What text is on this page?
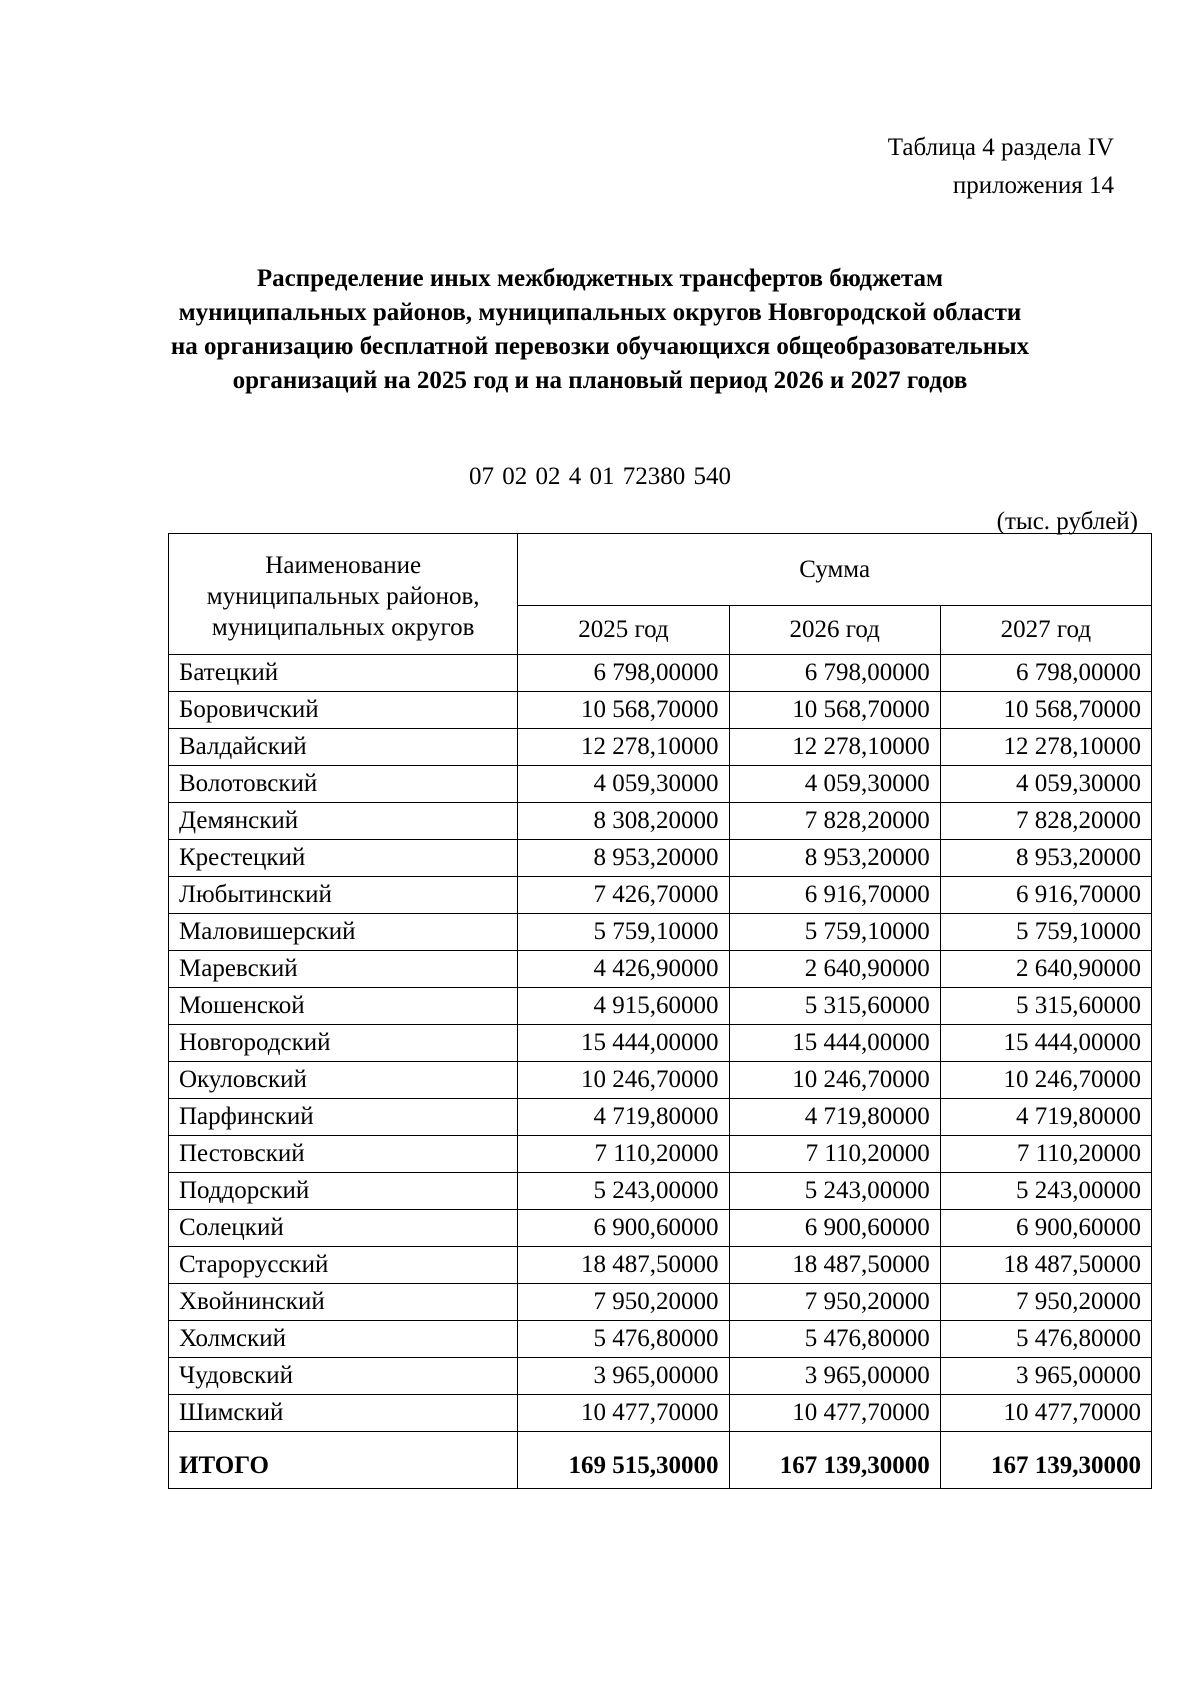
Таблица 4 раздела IV
приложения 14
Распределение иных межбюджетных трансфертов бюджетам муниципальных районов, муниципальных округов Новгородской области на организацию бесплатной перевозки обучающихся общеобразовательных организаций на 2025 год и на плановый период 2026 и 2027 годов
07 02 02 4 01 72380 540
(тыс. рублей)
Наименование муниципальных районов, муниципальных округов	Сумма		
	2025 год	2026 год	2027 год
Батецкий	6 798,00000	6 798,00000	6 798,00000
Боровичский	10 568,70000	10 568,70000	10 568,70000
Валдайский	12 278,10000	12 278,10000	12 278,10000
Волотовский	4 059,30000	4 059,30000	4 059,30000
Демянский	8 308,20000	7 828,20000	7 828,20000
Крестецкий	8 953,20000	8 953,20000	8 953,20000
Любытинский	7 426,70000	6 916,70000	6 916,70000
Маловишерский	5 759,10000	5 759,10000	5 759,10000
Маревский	4 426,90000	2 640,90000	2 640,90000
Мошенской	4 915,60000	5 315,60000	5 315,60000
Новгородский	15 444,00000	15 444,00000	15 444,00000
Окуловский	10 246,70000	10 246,70000	10 246,70000
Парфинский	4 719,80000	4 719,80000	4 719,80000
Пестовский	7 110,20000	7 110,20000	7 110,20000
Поддорский	5 243,00000	5 243,00000	5 243,00000
Солецкий	6 900,60000	6 900,60000	6 900,60000
Старорусский	18 487,50000	18 487,50000	18 487,50000
Хвойнинский	7 950,20000	7 950,20000	7 950,20000
Холмский	5 476,80000	5 476,80000	5 476,80000
Чудовский	3 965,00000	3 965,00000	3 965,00000
Шимский	10 477,70000	10 477,70000	10 477,70000
ИТОГО	169 515,30000	167 139,30000	167 139,30000
